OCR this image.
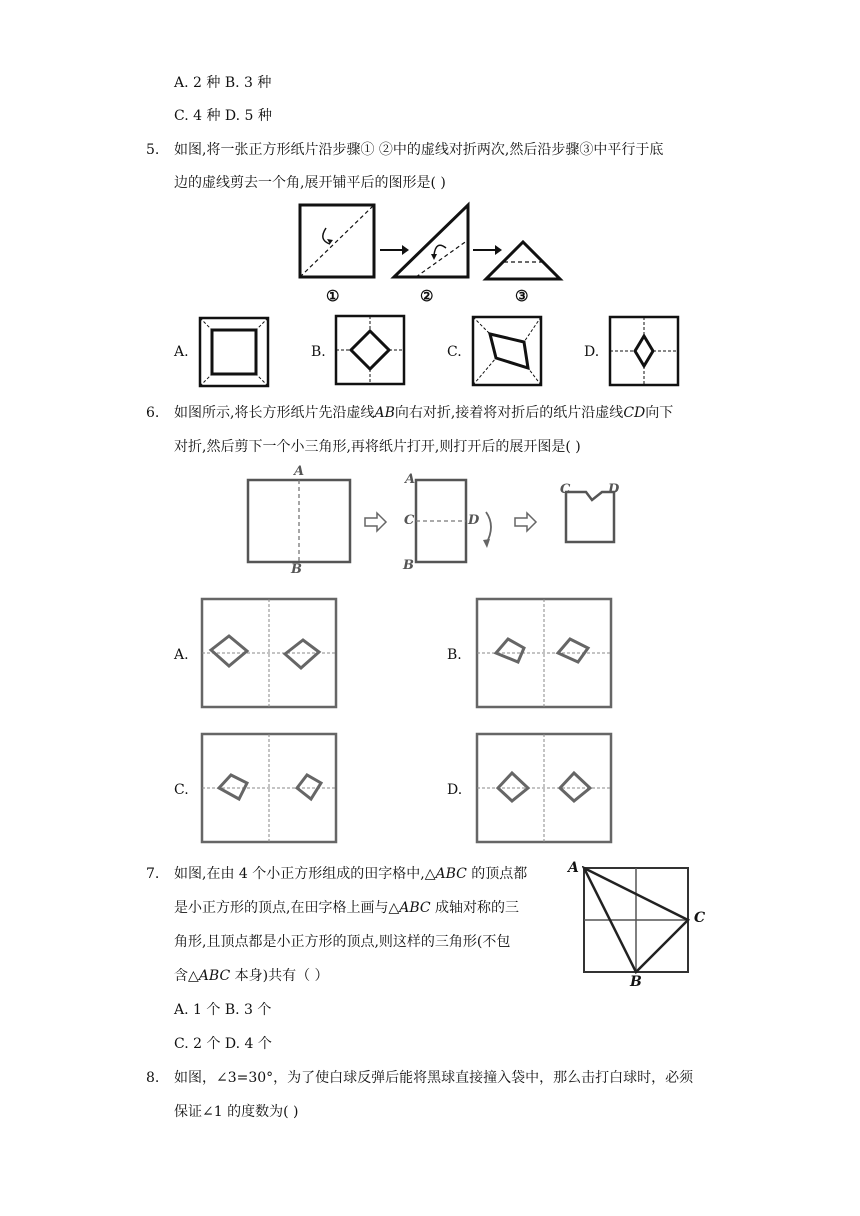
A. 2 种 B. 3 种
C. 4 种 D. 5 种
5. 如图,将一张正方形纸片沿步骤① ②中的虚线对折两次,然后沿步骤③中平行于底
边的虚线剪去一个角,展开铺平后的图形是( )
①	②	③
A.	B.	C.	D.
6. 如图所示,将长方形纸片先沿虚线AB向右对折,接着将对折后的纸片沿虚线CD向下
对折,然后剪下一个小三角形,再将纸片打开,则打开后的展开图是( )
A
B
A
B
C	D
C	D
A.	B.
C.	D.
7. 如图,在由 4 个小正方形组成的田字格中,△ABC 的顶点都
是小正方形的顶点,在田字格上画与△ABC 成轴对称的三
角形,且顶点都是小正方形的顶点,则这样的三角形(不包
含△ABC 本身)共有（ ）
A. 1 个 B. 3 个
C. 2 个 D. 4 个
A
B
C
8. 如图，∠3=30°，为了使白球反弹后能将黑球直接撞入袋中，那么击打白球时，必须
保证∠1 的度数为( )
